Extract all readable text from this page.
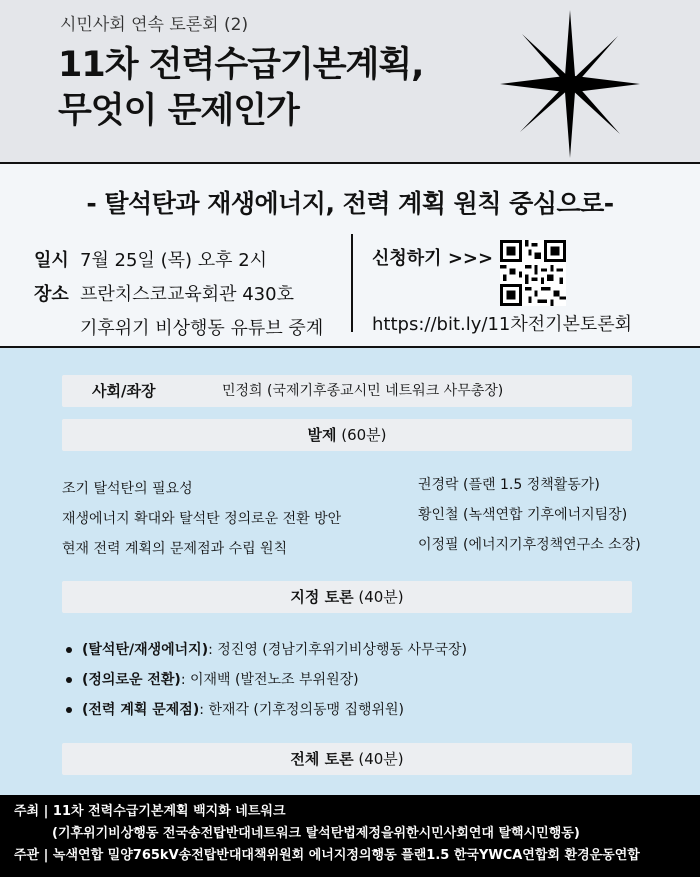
시민사회 연속 토론회 (2)
11차 전력수급기본계획,
무엇이 문제인가
- 탈석탄과 재생에너지, 전력 계획 원칙 중심으로-
일시 7월 25일 (목) 오후 2시
장소 프란치스코교육회관 430호
기후위기 비상행동 유튜브 중계
신청하기 >>>
https://bit.ly/11차전기본토론회
사회/좌장	민정희 (국제기후종교시민 네트워크 사무총장)
발제 (60분)
조기 탈석탄의 필요성	권경락 (플랜 1.5 정책활동가)
재생에너지 확대와 탈석탄 정의로운 전환 방안	황인철 (녹색연합 기후에너지팀장)
현재 전력 계획의 문제점과 수립 원칙	이정필 (에너지기후정책연구소 소장)
지정 토론 (40분)
(탈석탄/재생에너지) : 정진영 (경남기후위기비상행동 사무국장)
(정의로운 전환) : 이재백 (발전노조 부위원장)
(전력 계획 문제점) : 한재각 (기후정의동맹 집행위원)
전체 토론 (40분)
주최 | 11차 전력수급기본계획 백지화 네트워크
(기후위기비상행동 전국송전탑반대네트워크 탈석탄법제정을위한시민사회연대 탈핵시민행동)
주관 | 녹색연합 밀양765kV송전탑반대대책위원회 에너지정의행동 플랜1.5 한국YWCA연합회 환경운동연합
